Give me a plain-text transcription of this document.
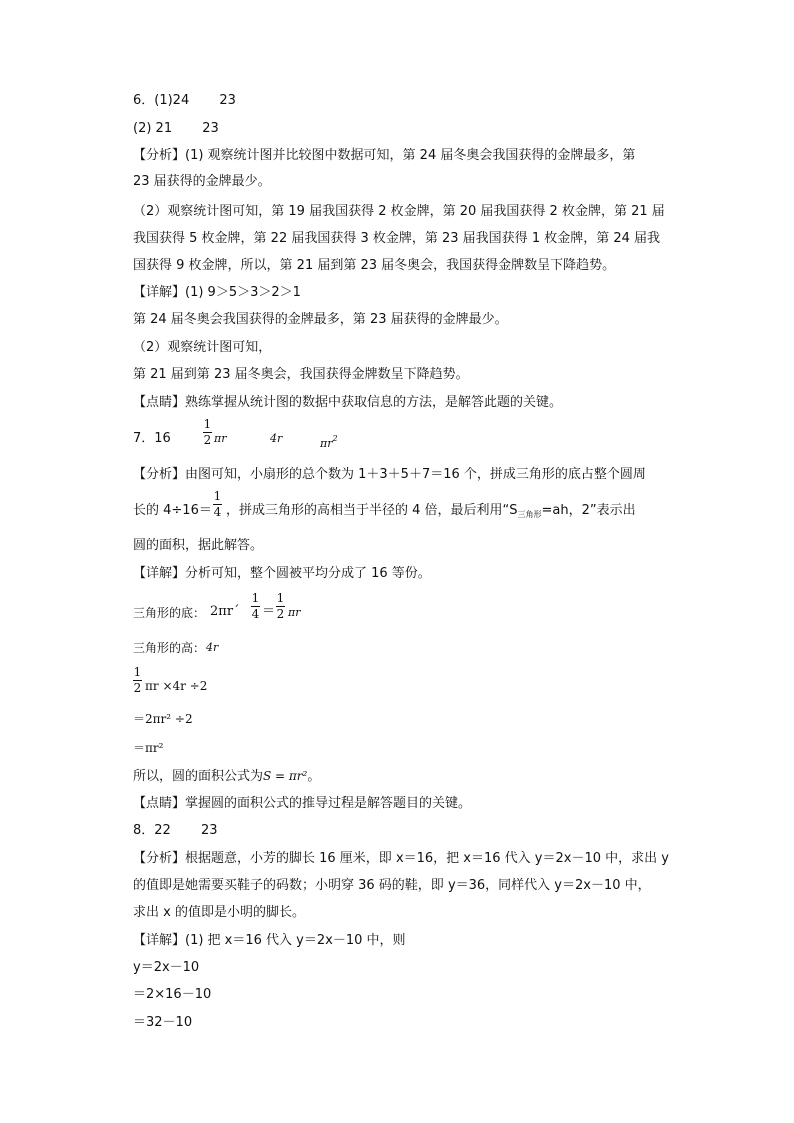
6．(1)24　　 23
(2) 21　　 23
【分析】(1) 观察统计图并比较图中数据可知，第 24 届冬奥会我国获得的金牌最多，第
23 届获得的金牌最少。
（2）观察统计图可知，第 19 届我国获得 2 枚金牌，第 20 届我国获得 2 枚金牌，第 21 届
我国获得 5 枚金牌，第 22 届我国获得 3 枚金牌，第 23 届我国获得 1 枚金牌，第 24 届我
国获得 9 枚金牌，所以，第 21 届到第 23 届冬奥会，我国获得金牌数呈下降趋势。
【详解】(1) 9＞5＞3＞2＞1
第 24 届冬奥会我国获得的金牌最多，第 23 届获得的金牌最少。
（2）观察统计图可知，
第 21 届到第 23 届冬奥会，我国获得金牌数呈下降趋势。
【点睛】熟练掌握从统计图的数据中获取信息的方法，是解答此题的关键。
7．16
1
2 πr	4r	$\pi r^2$
【分析】由图可知，小扇形的总个数为 1＋3＋5＋7＝16 个，拼成三角形的底占整个圆周
长的 4÷16＝
1
4 ，拼成三角形的高相当于半径的 4 倍，最后利用“$S_{三角形}=ah$，2”表示出
圆的面积，据此解答。
【详解】分析可知，整个圆被平均分成了 16 等份。
三角形的底： 2πr´
1
4 ＝
1
2 πr
三角形的高： 4r
1
2 πr ×4r ÷2
＝2πr² ÷2
＝πr²
所以，圆的面积公式为S = πr²。
【点睛】掌握圆的面积公式的推导过程是解答题目的关键。
8．22　　 23
【分析】根据题意，小芳的脚长 16 厘米，即 x＝16，把 x＝16 代入 y＝2x－10 中，求出 y
的值即是她需要买鞋子的码数；小明穿 36 码的鞋，即 y＝36，同样代入 y＝2x－10 中，
求出 x 的值即是小明的脚长。
【详解】(1) 把 x＝16 代入 y＝2x－10 中，则
y＝2x－10
＝2×16－10
＝32－10
